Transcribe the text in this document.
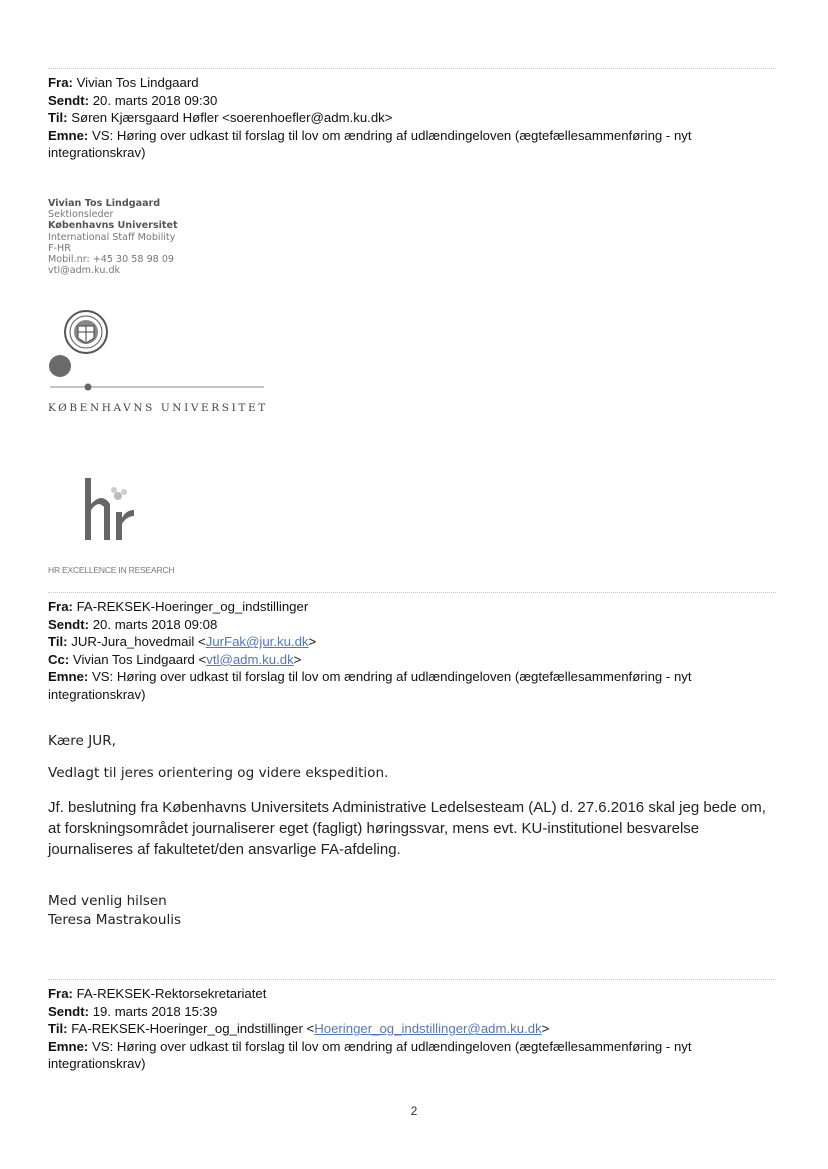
Fra: Vivian Tos Lindgaard
Sendt: 20. marts 2018 09:30
Til: Søren Kjærsgaard Høfler <soerenhoefler@adm.ku.dk>
Emne: VS: Høring over udkast til forslag til lov om ændring af udlændingeloven (ægtefællesammenføring - nyt
integrationskrav)
Vivian Tos Lindgaard
Sektionsleder
Københavns Universitet
International Staff Mobility
F-HR
Mobil.nr: +45 30 58 98 09
vtl@adm.ku.dk
KØBENHAVNS UNIVERSITET
HR EXCELLENCE IN RESEARCH
Fra: FA-REKSEK-Hoeringer_og_indstillinger
Sendt: 20. marts 2018 09:08
Til: JUR-Jura_hovedmail <JurFak@jur.ku.dk>
Cc: Vivian Tos Lindgaard <vtl@adm.ku.dk>
Emne: VS: Høring over udkast til forslag til lov om ændring af udlændingeloven (ægtefællesammenføring - nyt
integrationskrav)
Kære JUR,
Vedlagt til jeres orientering og videre ekspedition.
Jf. beslutning fra Københavns Universitets Administrative Ledelsesteam (AL) d. 27.6.2016 skal jeg bede om,
at forskningsområdet journaliserer eget (fagligt) høringssvar, mens evt. KU-institutionel besvarelse
journaliseres af fakultetet/den ansvarlige FA-afdeling.
Med venlig hilsen
Teresa Mastrakoulis
Fra: FA-REKSEK-Rektorsekretariatet
Sendt: 19. marts 2018 15:39
Til: FA-REKSEK-Hoeringer_og_indstillinger <Hoeringer_og_indstillinger@adm.ku.dk>
Emne: VS: Høring over udkast til forslag til lov om ændring af udlændingeloven (ægtefællesammenføring - nyt
integrationskrav)
2
